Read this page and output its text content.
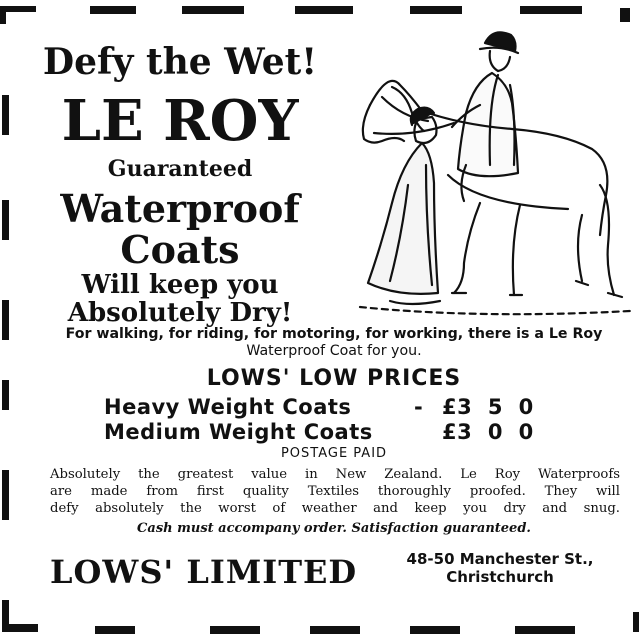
Defy the Wet!
LE ROY
Guaranteed
Waterproof
Coats
Will keep you
Absolutely Dry!
For walking, for riding, for motoring, for working, there is a Le Roy
Waterproof Coat for you.
LOWS' LOW PRICES
Heavy Weight Coats	- £3  5  0
Medium Weight Coats	£3  0  0
POSTAGE PAID
Absolutely the greatest value in New Zealand. Le Roy Waterproofs
are made from first quality Textiles thoroughly proofed. They will
defy absolutely the worst of weather and keep you dry and snug.
Cash must accompany order. Satisfaction guaranteed.
LOWS' LIMITED	48-50 Manchester St.,
Christchurch
